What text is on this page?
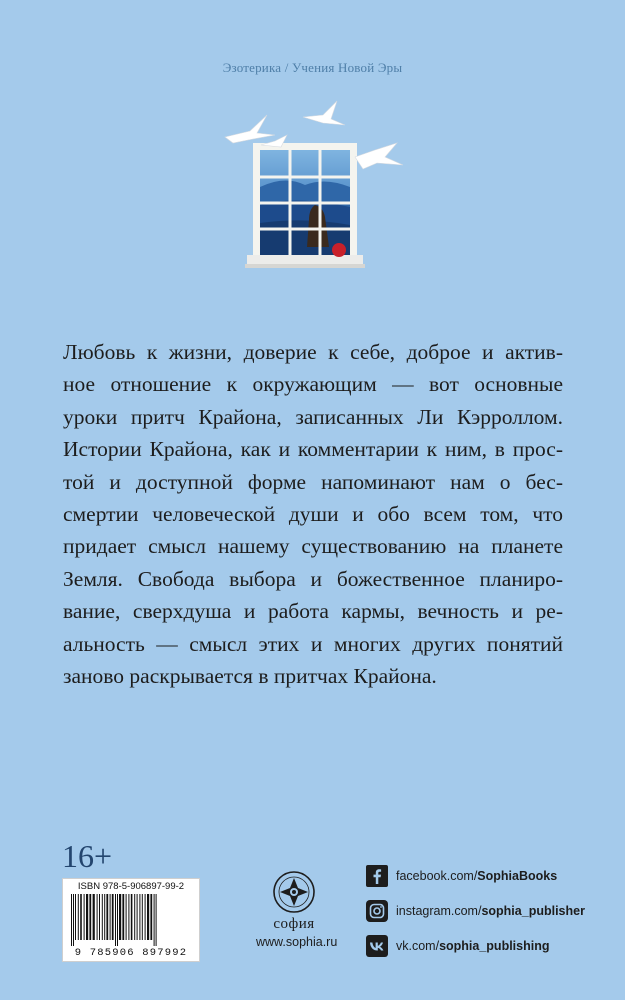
Эзотерика / Учения Новой Эры
Любовь к жизни, доверие к себе, доброе и актив-
ное отношение к окружающим — вот основные
уроки притч Крайона, записанных Ли Кэрроллом.
Истории Крайона, как и комментарии к ним, в прос-
той и доступной форме напоминают нам о бес-
смертии человеческой души и обо всем том, что
придает смысл нашему существованию на планете
Земля. Свобода выбора и божественное планиро-
вание, сверхдуша и работа кармы, вечность и ре-
альность — смысл этих и многих других понятий
заново раскрывается в притчах Крайона.
16+
ISBN 978-5-906897-99-2
9 785906 897992
софия
www.sophia.ru
facebook.com/SophiaBooks
instagram.com/sophia_publisher
vk.com/sophia_publishing
